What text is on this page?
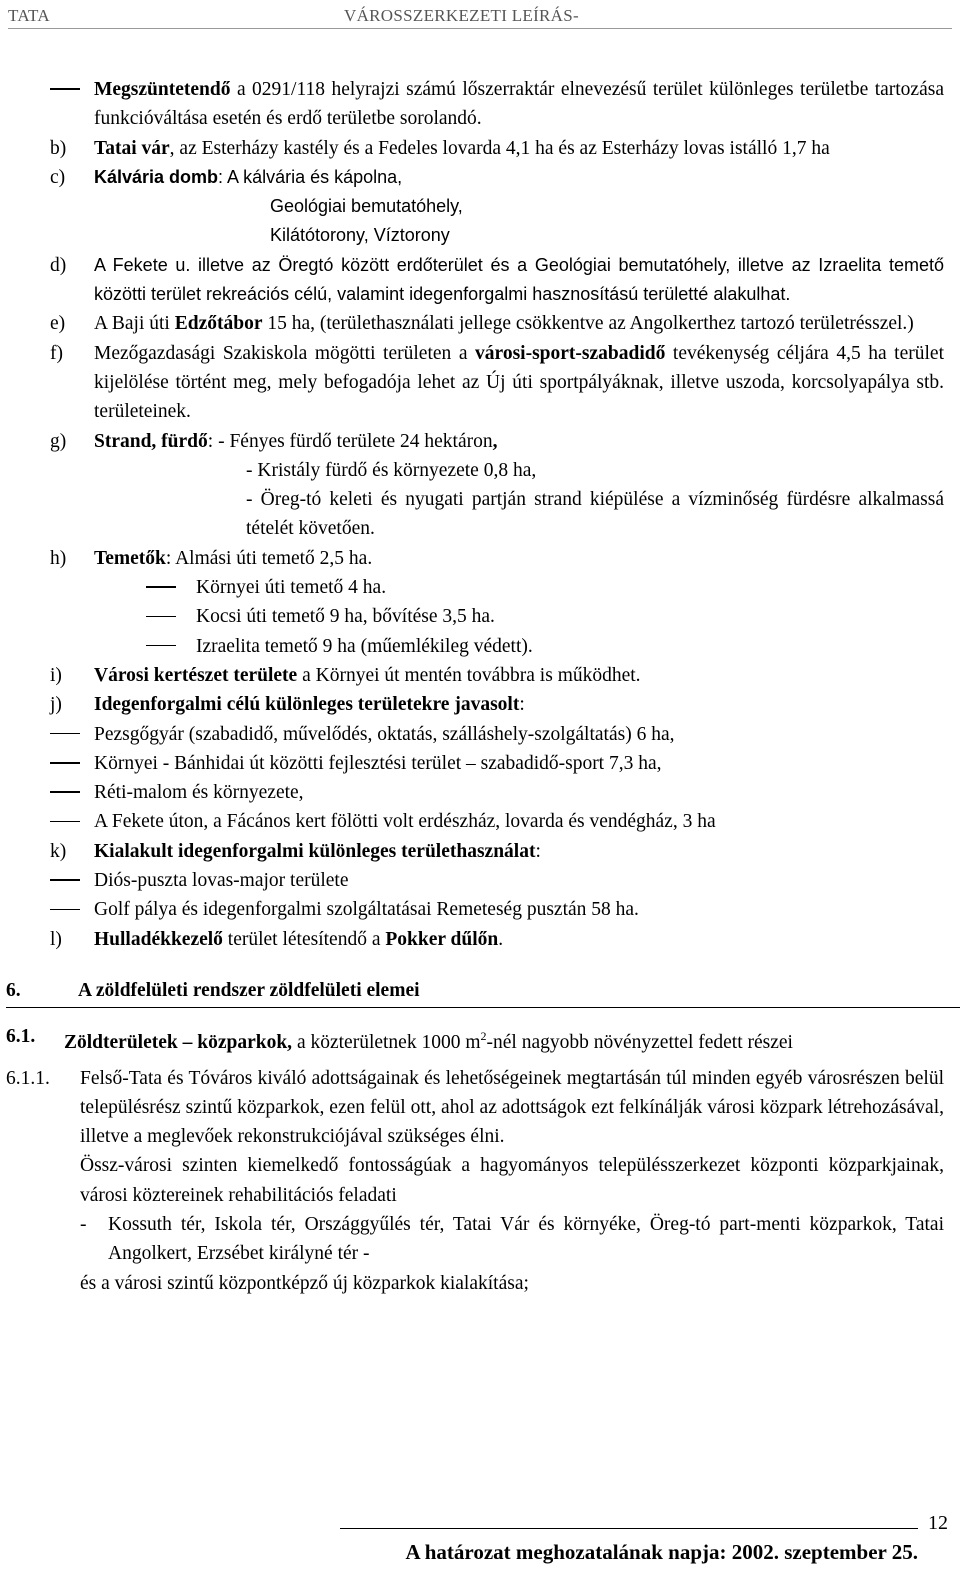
TATA	VÁROSSZERKEZETI LEÍRÁS-
Megszüntetendő a 0291/118 helyrajzi számú lőszerraktár elnevezésű terület különleges területbe tartozása funkcióváltása esetén és erdő területbe sorolandó.
b)	Tatai vár, az Esterházy kastély és a Fedeles lovarda 4,1 ha és az Esterházy lovas istálló 1,7 ha
c)	Kálvária domb: A kálvária és kápolna,
Geológiai bemutatóhely,
Kilátótorony, Víztorony
d)	A Fekete u. illetve az Öregtó között erdőterület és a Geológiai bemutatóhely, illetve az Izraelita temető közötti terület rekreációs célú, valamint idegenforgalmi hasznosítású területté alakulhat.
e)	A Baji úti Edzőtábor 15 ha, (területhasználati jellege csökkentve az Angolkerthez tartozó területrésszel.)
f)	Mezőgazdasági Szakiskola mögötti területen a városi-sport-szabadidő tevékenység céljára 4,5 ha terület kijelölése történt meg, mely befogadója lehet az Új úti sportpályáknak, illetve uszoda, korcsolyapálya stb. területeinek.
g)	Strand, fürdő: - Fényes fürdő területe 24 hektáron,
- Kristály fürdő és környezete 0,8 ha,
- Öreg-tó keleti és nyugati partján strand kiépülése a vízminőség fürdésre alkalmassá tételét követően.
h)	Temetők: Almási úti temető 2,5 ha.
Környei úti temető 4 ha.
Kocsi úti temető 9 ha, bővítése 3,5 ha.
Izraelita temető 9 ha (műemlékileg védett).
i)	Városi kertészet területe a Környei út mentén továbbra is működhet.
j)	Idegenforgalmi célú különleges területekre javasolt:
Pezsgőgyár (szabadidő, művelődés, oktatás, szálláshely-szolgáltatás) 6 ha,
Környei - Bánhidai út közötti fejlesztési terület – szabadidő-sport 7,3 ha,
Réti-malom és környezete,
A Fekete úton, a Fácános kert fölötti volt erdészház, lovarda és vendégház, 3 ha
k)	Kialakult idegenforgalmi különleges területhasználat:
Diós-puszta lovas-major területe
Golf pálya és idegenforgalmi szolgáltatásai Remeteség pusztán 58 ha.
l)	Hulladékkezelő terület létesítendő a Pokker dűlőn.
6.	A zöldfelületi rendszer zöldfelületi elemei
6.1.	Zöldterületek – közparkok, a közterületnek 1000 $m^2$-nél nagyobb növényzettel fedett részei
6.1.1.	Felső-Tata és Tóváros kiváló adottságainak és lehetőségeinek megtartásán túl minden egyéb városrészen belül településrész szintű közparkok, ezen felül ott, ahol az adottságok ezt felkínálják városi közpark létrehozásával, illetve a meglevőek rekonstrukciójával szükséges élni.
Össz-városi szinten kiemelkedő fontosságúak a hagyományos településszerkezet központi közparkjainak, városi köztereinek rehabilitációs feladati
-	Kossuth tér, Iskola tér, Országgyűlés tér, Tatai Vár és környéke, Öreg-tó part-menti közparkok, Tatai Angolkert, Erzsébet királyné tér -
és a városi szintű központképző új közparkok kialakítása;
12
A határozat meghozatalának napja: 2002. szeptember 25.
